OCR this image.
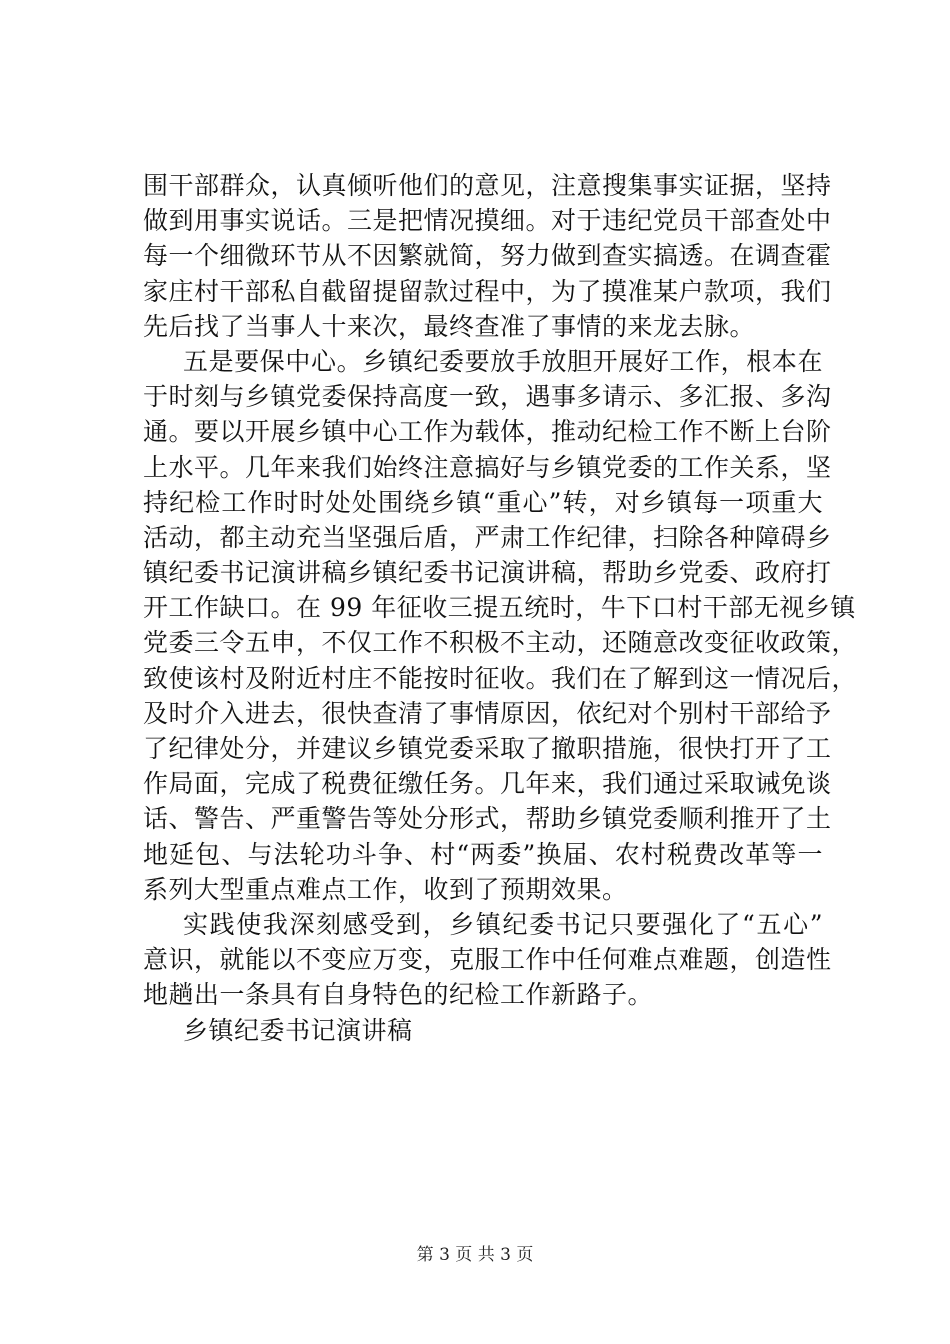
围干部群众，认真倾听他们的意见，注意搜集事实证据，坚持
做到用事实说话。三是把情况摸细。对于违纪党员干部查处中
每一个细微环节从不因繁就简，努力做到查实搞透。在调查霍
家庄村干部私自截留提留款过程中，为了摸准某户款项，我们
先后找了当事人十来次，最终查准了事情的来龙去脉。
五是要保中心。乡镇纪委要放手放胆开展好工作，根本在
于时刻与乡镇党委保持高度一致，遇事多请示、多汇报、多沟
通。要以开展乡镇中心工作为载体，推动纪检工作不断上台阶
上水平。几年来我们始终注意搞好与乡镇党委的工作关系，坚
持纪检工作时时处处围绕乡镇“重心”转，对乡镇每一项重大
活动，都主动充当坚强后盾，严肃工作纪律，扫除各种障碍乡
镇纪委书记演讲稿乡镇纪委书记演讲稿，帮助乡党委、政府打
开工作缺口。在 99 年征收三提五统时，牛下口村干部无视乡镇
党委三令五申，不仅工作不积极不主动，还随意改变征收政策，
致使该村及附近村庄不能按时征收。我们在了解到这一情况后，
及时介入进去，很快查清了事情原因，依纪对个别村干部给予
了纪律处分，并建议乡镇党委采取了撤职措施，很快打开了工
作局面，完成了税费征缴任务。几年来，我们通过采取诫免谈
话、警告、严重警告等处分形式，帮助乡镇党委顺利推开了土
地延包、与法轮功斗争、村“两委”换届、农村税费改革等一
系列大型重点难点工作，收到了预期效果。
实践使我深刻感受到，乡镇纪委书记只要强化了“五心”
意识，就能以不变应万变，克服工作中任何难点难题，创造性
地趟出一条具有自身特色的纪检工作新路子。
乡镇纪委书记演讲稿
第 3 页 共 3 页
